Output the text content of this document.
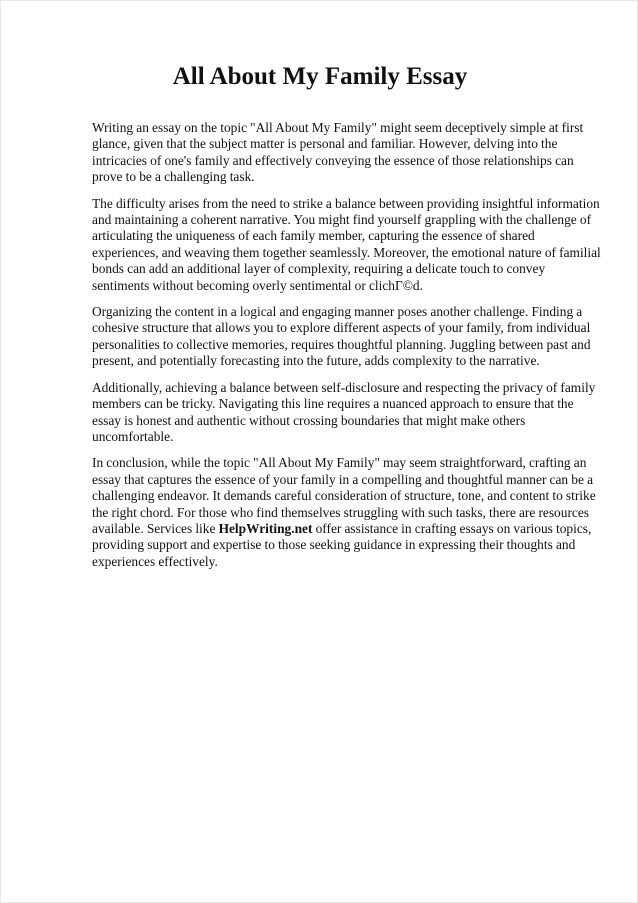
All About My Family Essay

Writing an essay on the topic "All About My Family" might seem deceptively simple at first glance, given that the subject matter is personal and familiar. However, delving into the intricacies of one's family and effectively conveying the essence of those relationships can prove to be a challenging task.

The difficulty arises from the need to strike a balance between providing insightful information and maintaining a coherent narrative. You might find yourself grappling with the challenge of articulating the uniqueness of each family member, capturing the essence of shared experiences, and weaving them together seamlessly. Moreover, the emotional nature of familial bonds can add an additional layer of complexity, requiring a delicate touch to convey sentiments without becoming overly sentimental or clichГ©d.

Organizing the content in a logical and engaging manner poses another challenge. Finding a cohesive structure that allows you to explore different aspects of your family, from individual personalities to collective memories, requires thoughtful planning. Juggling between past and present, and potentially forecasting into the future, adds complexity to the narrative.

Additionally, achieving a balance between self-disclosure and respecting the privacy of family members can be tricky. Navigating this line requires a nuanced approach to ensure that the essay is honest and authentic without crossing boundaries that might make others uncomfortable.

In conclusion, while the topic "All About My Family" may seem straightforward, crafting an essay that captures the essence of your family in a compelling and thoughtful manner can be a challenging endeavor. It demands careful consideration of structure, tone, and content to strike the right chord. For those who find themselves struggling with such tasks, there are resources available. Services like HelpWriting.net offer assistance in crafting essays on various topics, providing support and expertise to those seeking guidance in expressing their thoughts and experiences effectively.
